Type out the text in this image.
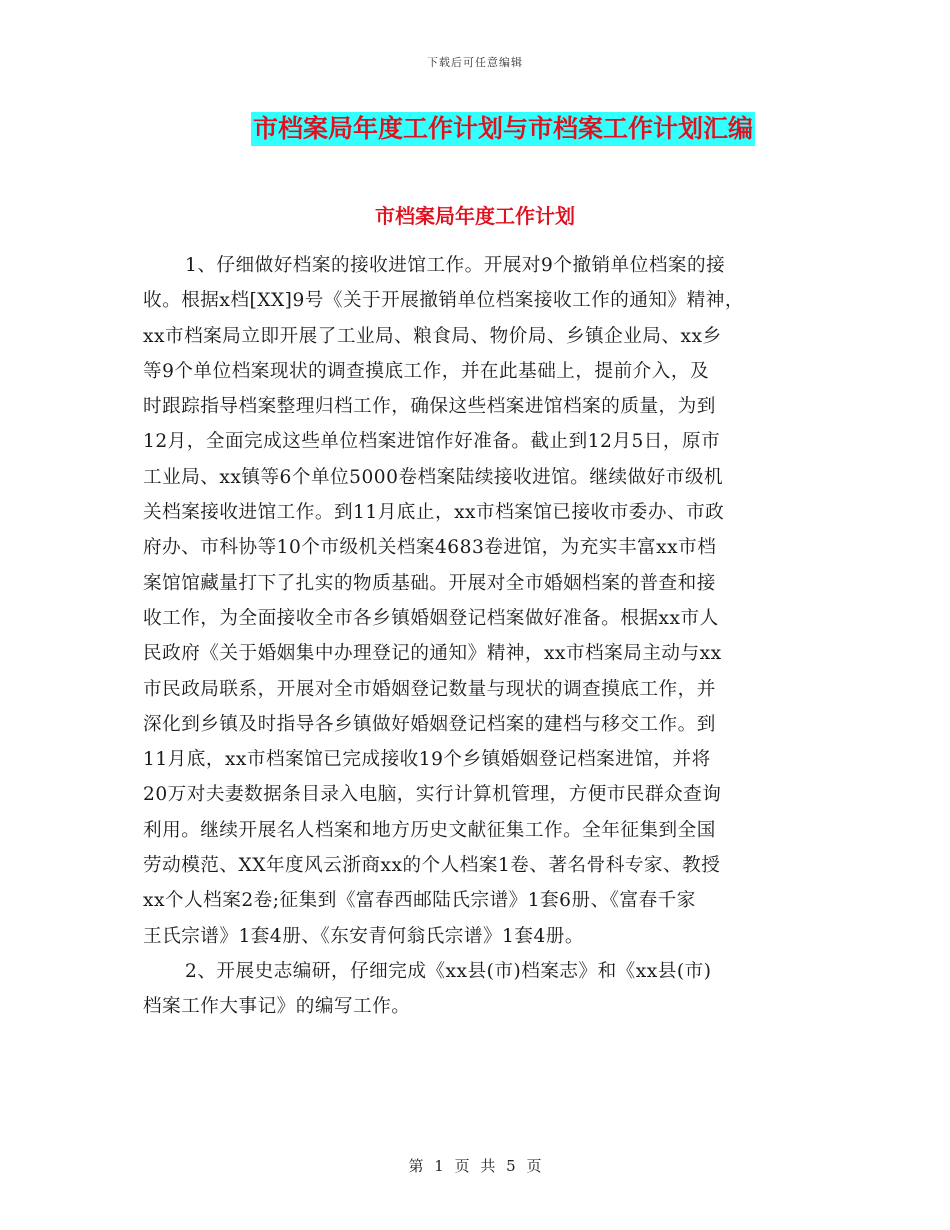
下载后可任意编辑
市档案局年度工作计划与市档案工作计划汇编
市档案局年度工作计划

1、仔细做好档案的接收进馆工作。开展对9个撤销单位档案的接
收。根据x档[XX]9号《关于开展撤销单位档案接收工作的通知》精神，
xx市档案局立即开展了工业局、粮食局、物价局、乡镇企业局、xx乡
等9个单位档案现状的调查摸底工作，并在此基础上，提前介入，及
时跟踪指导档案整理归档工作，确保这些档案进馆档案的质量，为到
12月，全面完成这些单位档案进馆作好准备。截止到12月5日，原市
工业局、xx镇等6个单位5000卷档案陆续接收进馆。继续做好市级机
关档案接收进馆工作。到11月底止，xx市档案馆已接收市委办、市政
府办、市科协等10个市级机关档案4683卷进馆，为充实丰富xx市档
案馆馆藏量打下了扎实的物质基础。开展对全市婚姻档案的普查和接
收工作，为全面接收全市各乡镇婚姻登记档案做好准备。根据xx市人
民政府《关于婚姻集中办理登记的通知》精神，xx市档案局主动与xx
市民政局联系，开展对全市婚姻登记数量与现状的调查摸底工作，并
深化到乡镇及时指导各乡镇做好婚姻登记档案的建档与移交工作。到
11月底，xx市档案馆已完成接收19个乡镇婚姻登记档案进馆，并将
20万对夫妻数据条目录入电脑，实行计算机管理，方便市民群众查询
利用。继续开展名人档案和地方历史文献征集工作。全年征集到全国
劳动模范、XX年度风云浙商xx的个人档案1卷、著名骨科专家、教授
xx个人档案2卷;征集到《富春西邮陆氏宗谱》1套6册、《富春千家
王氏宗谱》1套4册、《东安青何翁氏宗谱》1套4册。

2、开展史志编研，仔细完成《xx县(市)档案志》和《xx县(市)
档案工作大事记》的编写工作。

第 1 页 共 5 页
